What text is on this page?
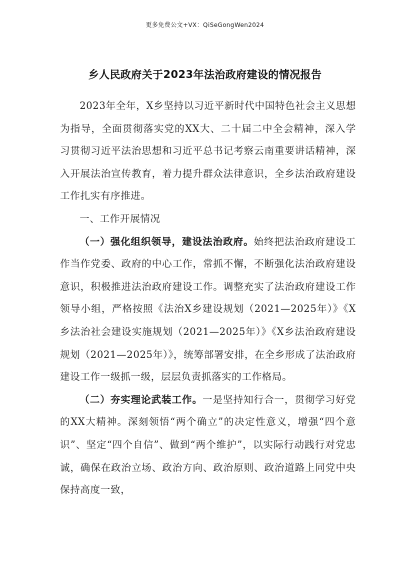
更多免费公文+VX：QiSeGongWen2024
乡人民政府关于2023年法治政府建设的情况报告

2023年全年，X乡坚持以习近平新时代中国特色社会主义思想为指导，全面贯彻落实党的XX大、二十届二中全会精神，深入学习贯彻习近平法治思想和习近平总书记考察云南重要讲话精神，深入开展法治宣传教育，着力提升群众法律意识，全乡法治政府建设工作扎实有序推进。

一、工作开展情况

（一）强化组织领导，建设法治政府。始终把法治政府建设工作当作党委、政府的中心工作，常抓不懈，不断强化法治政府建设意识，积极推进法治政府建设工作。调整充实了法治政府建设工作领导小组，严格按照《法治X乡建设规划（2021—2025年）》《X乡法治社会建设实施规划（2021—2025年）》《X乡法治政府建设规划（2021—2025年）》，统筹部署安排，在全乡形成了法治政府建设工作一级抓一级，层层负责抓落实的工作格局。

（二）夯实理论武装工作。一是坚持知行合一，贯彻学习好党的XX大精神。深刻领悟“两个确立”的决定性意义，增强“四个意识”、坚定“四个自信”、做到“两个维护”，以实际行动践行对党忠诚，确保在政治立场、政治方向、政治原则、政治道路上同党中央保持高度一致，
